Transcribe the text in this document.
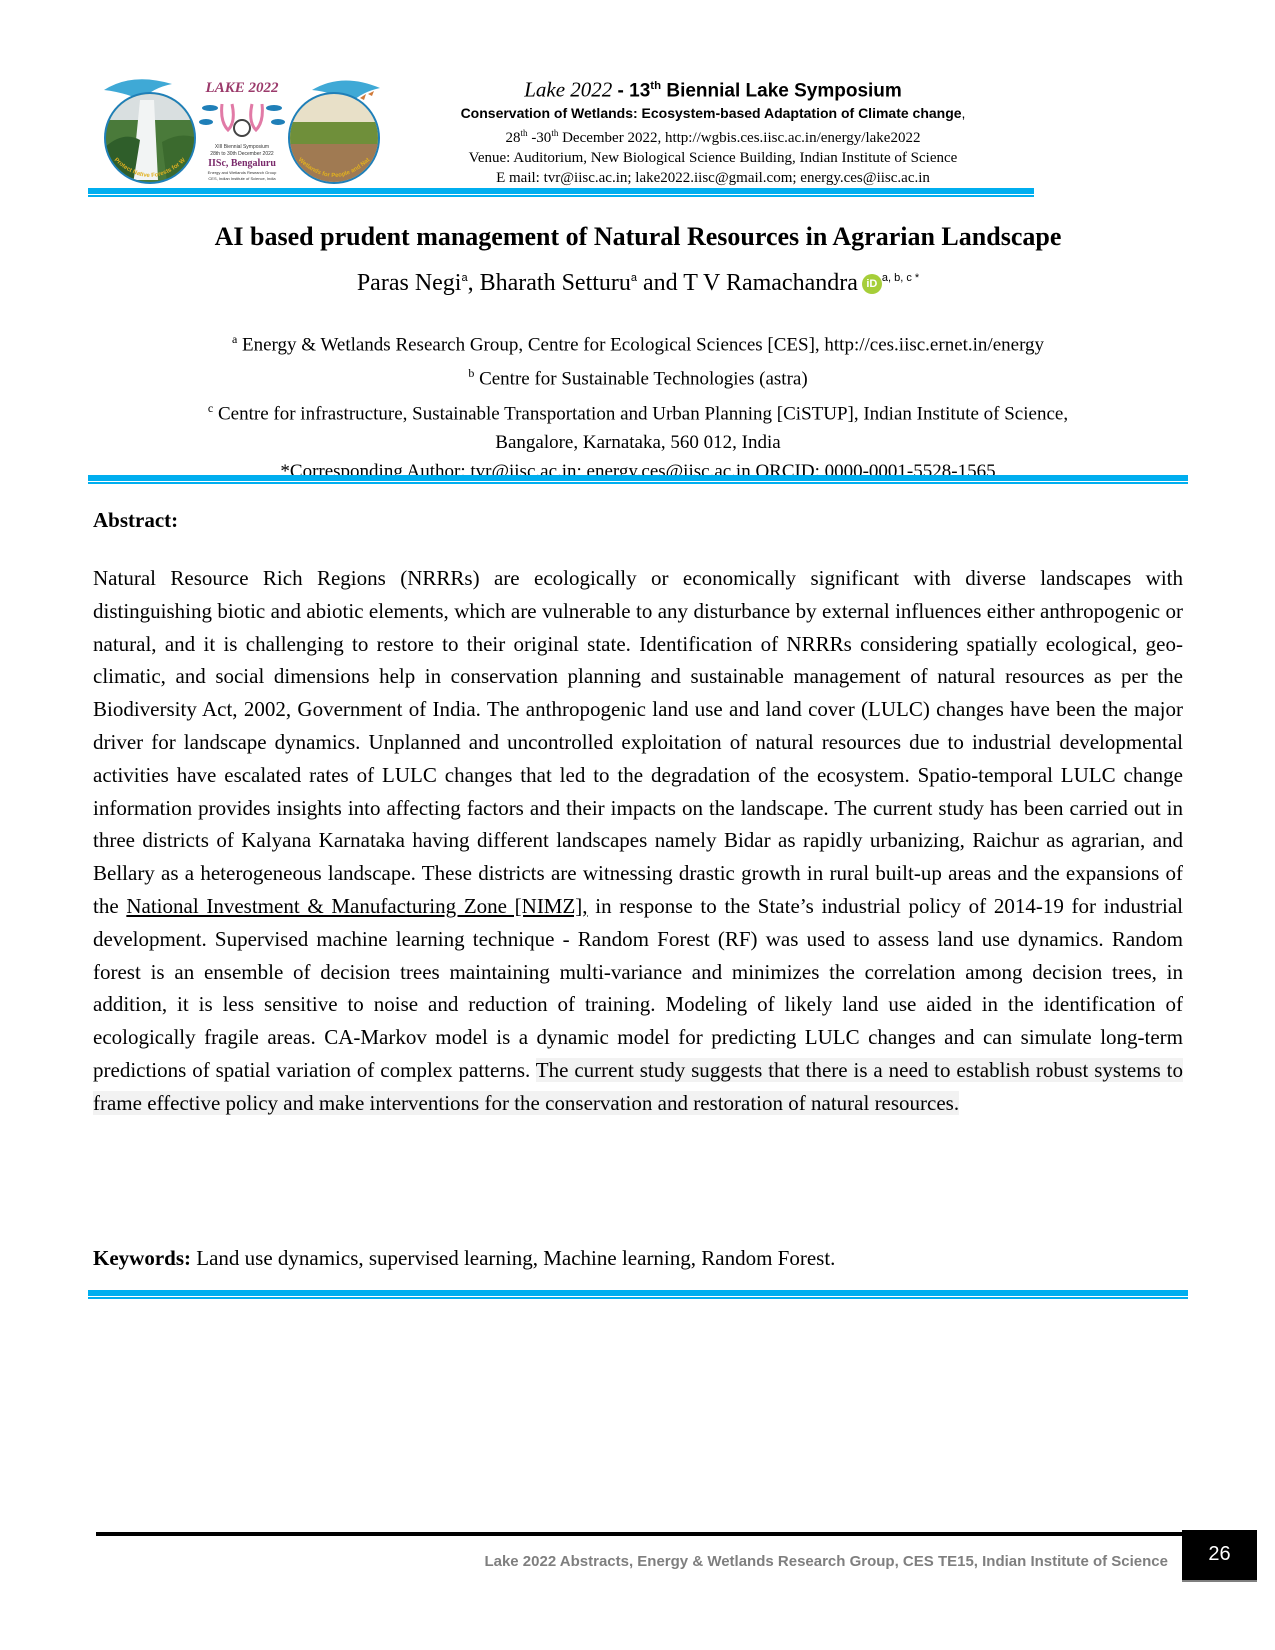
LAKE 2022
XIII Biennial Symposium
28th to 30th December 2022
IISc, Bengaluru
Energy and Wetlands Research Group
CES, Indian Institute of Science, India
Protect Native Forests for W	Wetlands for People and Nat
Lake 2022 - 13th Biennial Lake Symposium
Conservation of Wetlands: Ecosystem-based Adaptation of Climate change,
28th -30th December 2022, http://wgbis.ces.iisc.ac.in/energy/lake2022
Venue: Auditorium, New Biological Science Building, Indian Institute of Science
E mail: tvr@iisc.ac.in; lake2022.iisc@gmail.com; energy.ces@iisc.ac.in
AI based prudent management of Natural Resources in Agrarian Landscape
Paras Negi$^a$, Bharath Setturu$^a$ and T V Ramachandra iD $^{a, b, c *}$
$^a$ Energy & Wetlands Research Group, Centre for Ecological Sciences [CES], http://ces.iisc.ernet.in/energy
$^b$ Centre for Sustainable Technologies (astra)
$^c$ Centre for infrastructure, Sustainable Transportation and Urban Planning [CiSTUP], Indian Institute of Science,
Bangalore, Karnataka, 560 012, India
*Corresponding Author: tvr@iisc.ac.in; energy.ces@iisc.ac.in ORCID: 0000-0001-5528-1565
Abstract:
Natural Resource Rich Regions (NRRRs) are ecologically or economically significant with diverse landscapes with distinguishing biotic and abiotic elements, which are vulnerable to any disturbance by external influences either anthropogenic or natural, and it is challenging to restore to their original state. Identification of NRRRs considering spatially ecological, geo-climatic, and social dimensions help in conservation planning and sustainable management of natural resources as per the Biodiversity Act, 2002, Government of India. The anthropogenic land use and land cover (LULC) changes have been the major driver for landscape dynamics. Unplanned and uncontrolled exploitation of natural resources due to industrial developmental activities have escalated rates of LULC changes that led to the degradation of the ecosystem. Spatio-temporal LULC change information provides insights into affecting factors and their impacts on the landscape. The current study has been carried out in three districts of Kalyana Karnataka having different landscapes namely Bidar as rapidly urbanizing, Raichur as agrarian, and Bellary as a heterogeneous landscape. These districts are witnessing drastic growth in rural built-up areas and the expansions of the National Investment & Manufacturing Zone [NIMZ], in response to the State’s industrial policy of 2014-19 for industrial development. Supervised machine learning technique - Random Forest (RF) was used to assess land use dynamics. Random forest is an ensemble of decision trees maintaining multi-variance and minimizes the correlation among decision trees, in addition, it is less sensitive to noise and reduction of training. Modeling of likely land use aided in the identification of ecologically fragile areas. CA-Markov model is a dynamic model for predicting LULC changes and can simulate long-term predictions of spatial variation of complex patterns. The current study suggests that there is a need to establish robust systems to frame effective policy and make interventions for the conservation and restoration of natural resources.
Keywords: Land use dynamics, supervised learning, Machine learning, Random Forest.
Lake 2022 Abstracts, Energy & Wetlands Research Group, CES TE15, Indian Institute of Science	26
